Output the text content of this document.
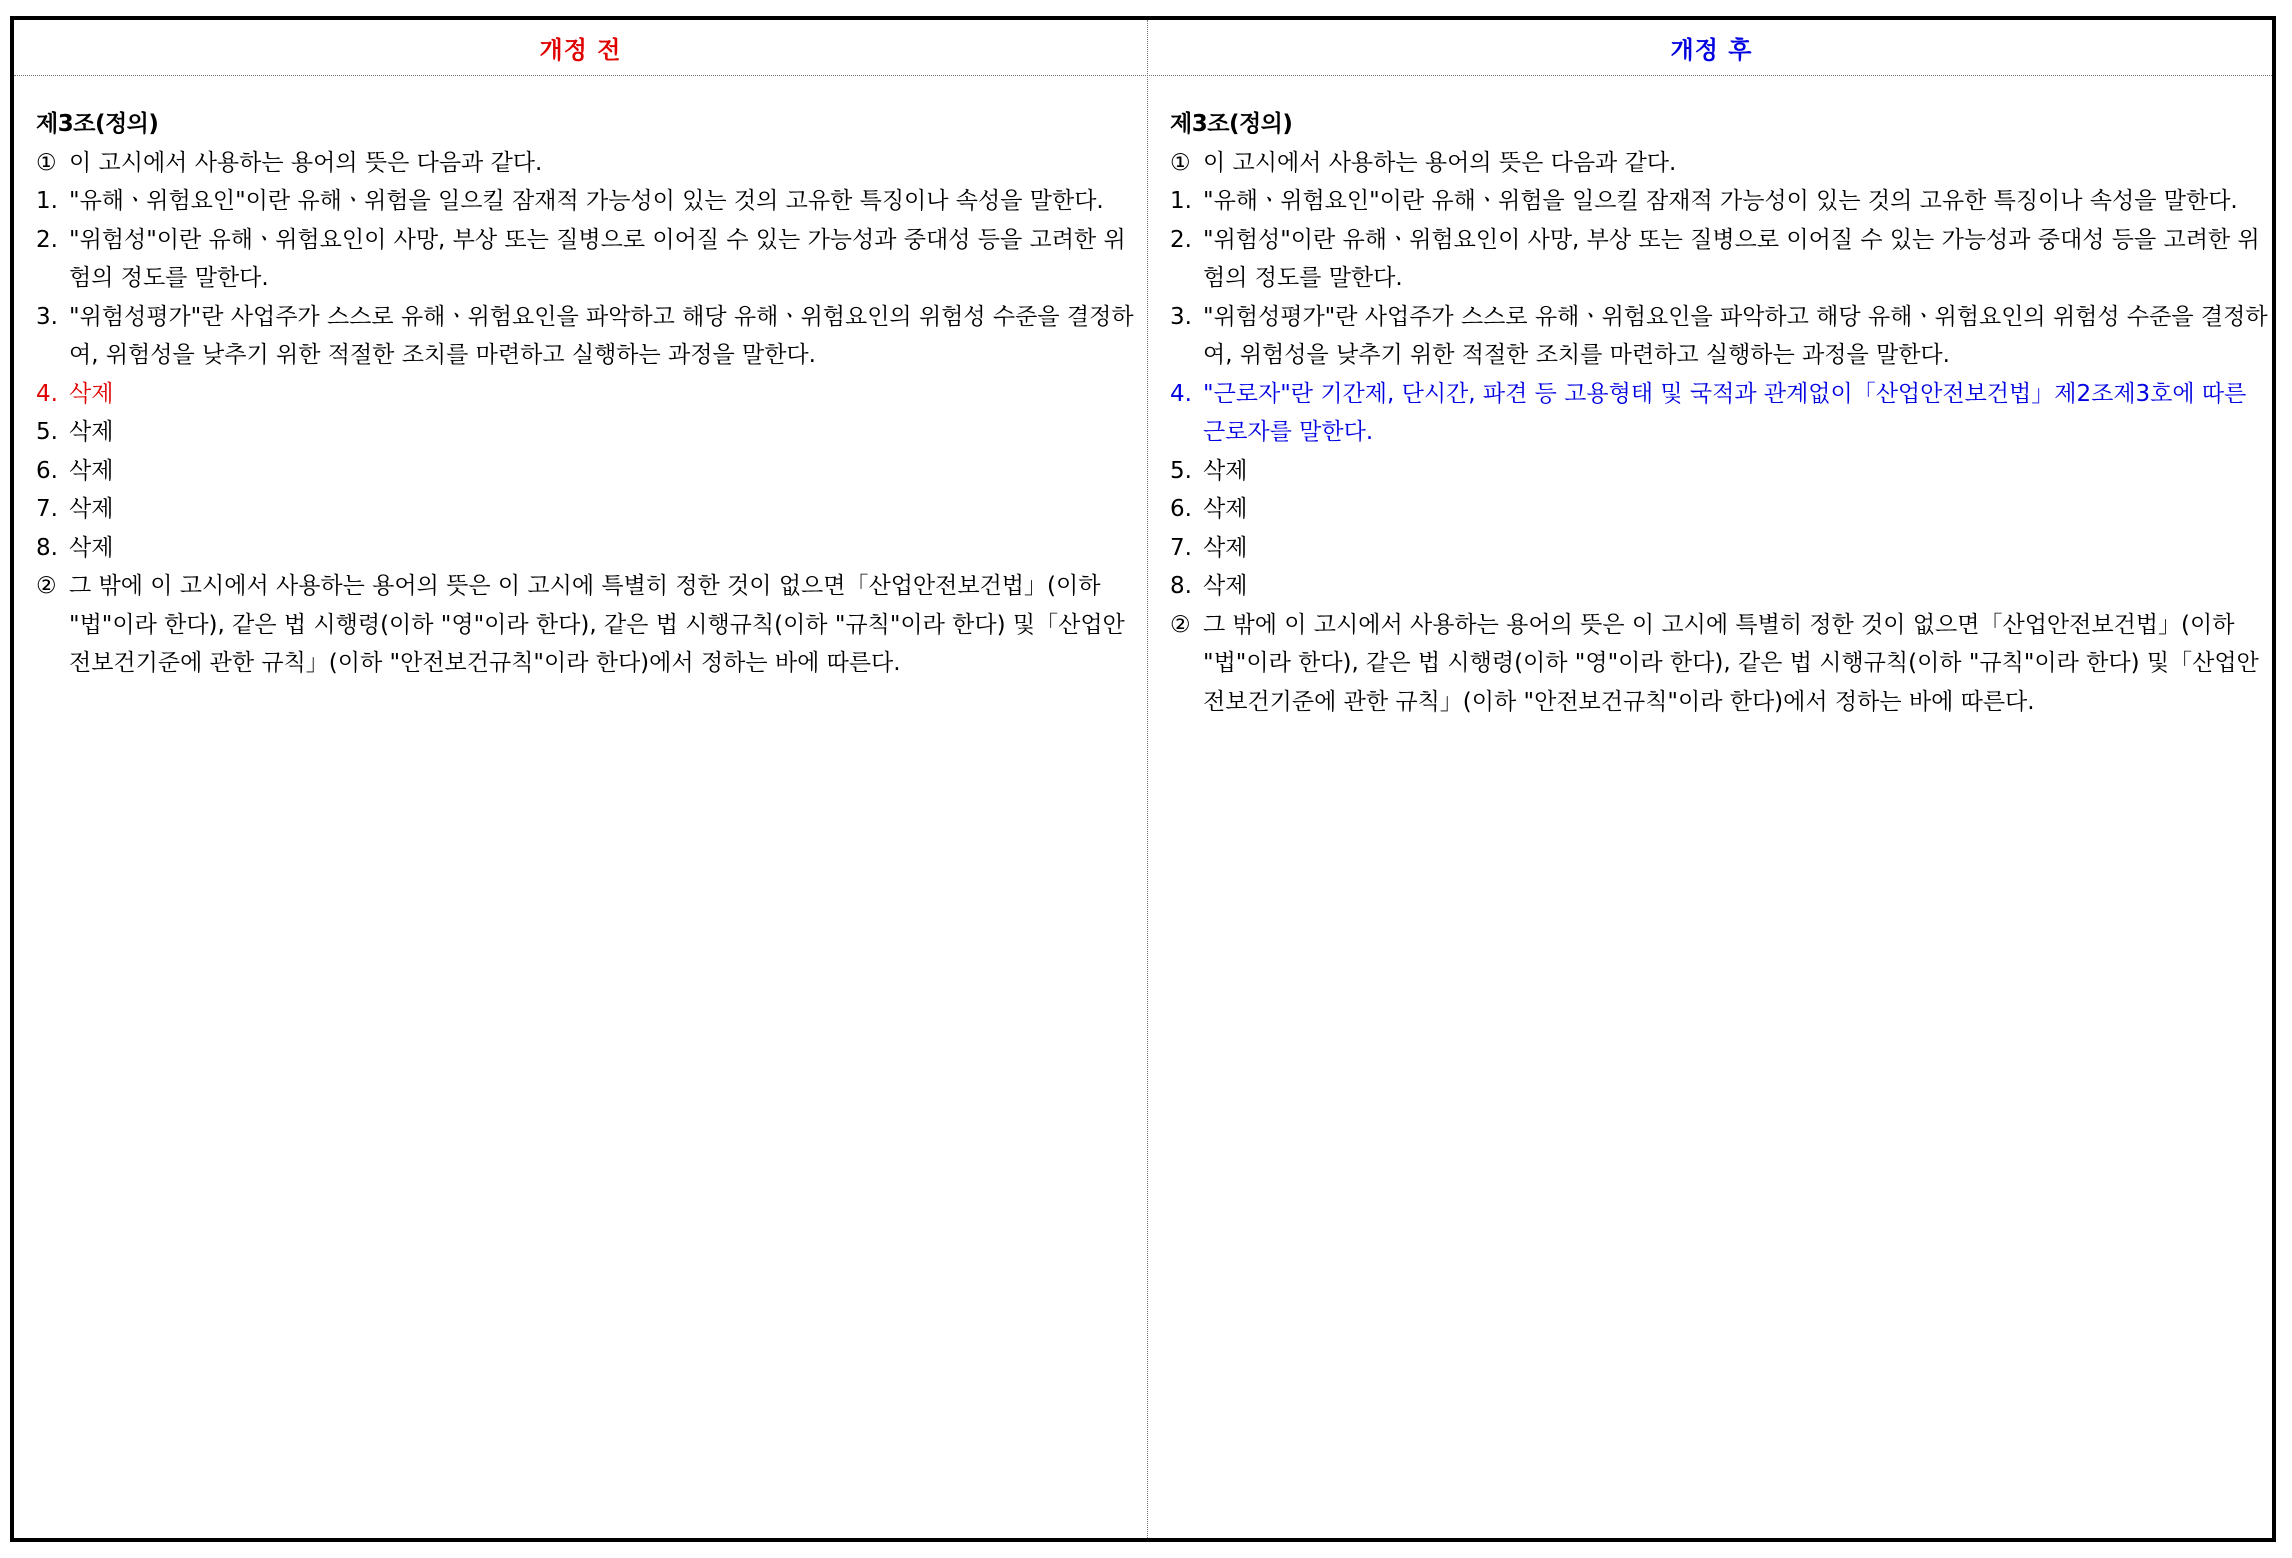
개정 전	개정 후
제3조(정의)
① 이 고시에서 사용하는 용어의 뜻은 다음과 같다.
1. "유해ㆍ위험요인"이란 유해ㆍ위험을 일으킬 잠재적 가능성이 있는 것의 고유한 특징이나 속성을 말한다.
2. "위험성"이란 유해ㆍ위험요인이 사망, 부상 또는 질병으로 이어질 수 있는 가능성과 중대성 등을 고려한 위험의 정도를 말한다.
3. "위험성평가"란 사업주가 스스로 유해ㆍ위험요인을 파악하고 해당 유해ㆍ위험요인의 위험성 수준을 결정하여, 위험성을 낮추기 위한 적절한 조치를 마련하고 실행하는 과정을 말한다.
4. 삭제
5. 삭제
6. 삭제
7. 삭제
8. 삭제
② 그 밖에 이 고시에서 사용하는 용어의 뜻은 이 고시에 특별히 정한 것이 없으면「산업안전보건법」(이하 "법"이라 한다), 같은 법 시행령(이하 "영"이라 한다), 같은 법 시행규칙(이하 "규칙"이라 한다) 및「산업안전보건기준에 관한 규칙」(이하 "안전보건규칙"이라 한다)에서 정하는 바에 따른다.
제3조(정의)
① 이 고시에서 사용하는 용어의 뜻은 다음과 같다.
1. "유해ㆍ위험요인"이란 유해ㆍ위험을 일으킬 잠재적 가능성이 있는 것의 고유한 특징이나 속성을 말한다.
2. "위험성"이란 유해ㆍ위험요인이 사망, 부상 또는 질병으로 이어질 수 있는 가능성과 중대성 등을 고려한 위험의 정도를 말한다.
3. "위험성평가"란 사업주가 스스로 유해ㆍ위험요인을 파악하고 해당 유해ㆍ위험요인의 위험성 수준을 결정하여, 위험성을 낮추기 위한 적절한 조치를 마련하고 실행하는 과정을 말한다.
4. "근로자"란 기간제, 단시간, 파견 등 고용형태 및 국적과 관계없이「산업안전보건법」제2조제3호에 따른 근로자를 말한다.
5. 삭제
6. 삭제
7. 삭제
8. 삭제
② 그 밖에 이 고시에서 사용하는 용어의 뜻은 이 고시에 특별히 정한 것이 없으면「산업안전보건법」(이하 "법"이라 한다), 같은 법 시행령(이하 "영"이라 한다), 같은 법 시행규칙(이하 "규칙"이라 한다) 및「산업안전보건기준에 관한 규칙」(이하 "안전보건규칙"이라 한다)에서 정하는 바에 따른다.
